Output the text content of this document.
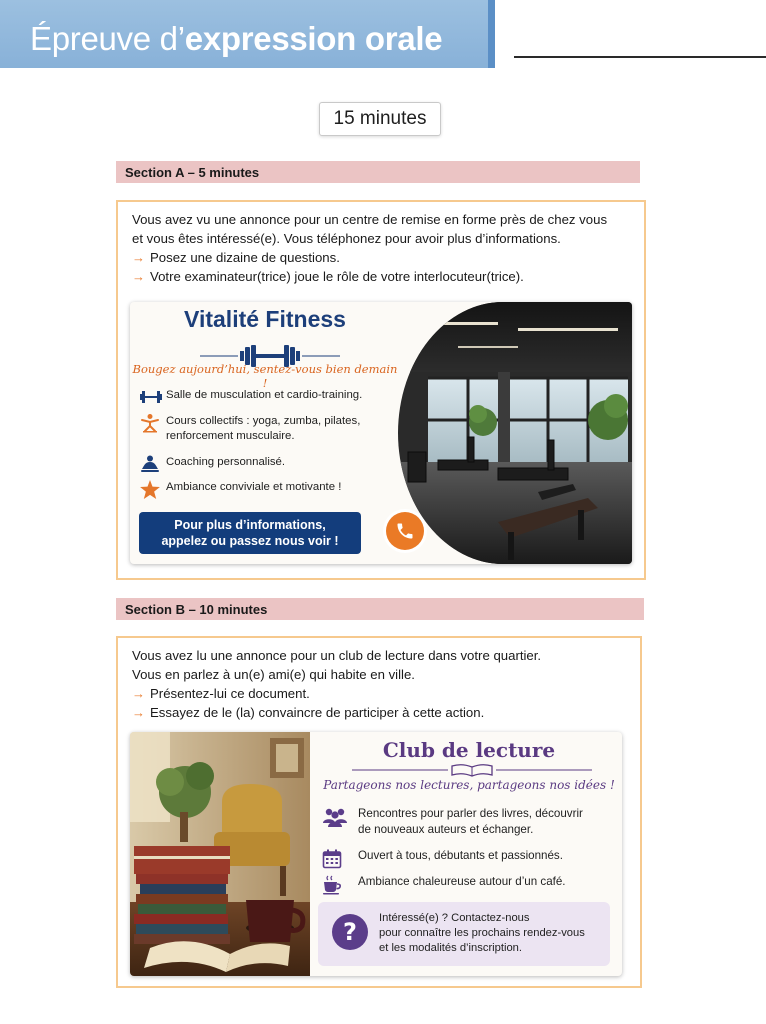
Épreuve d’expression orale
15 minutes
Section A – 5 minutes

Vous avez vu une annonce pour un centre de remise en forme près de chez vous

et vous êtes intéressé(e). Vous téléphonez pour avoir plus d’informations.

→ Posez une dizaine de questions.
→ Votre examinateur(trice) joue le rôle de votre interlocuteur(trice).
Vitalité Fitness
Bougez aujourd’hui, sentez-vous bien demain !
Salle de musculation et cardio-training.
Cours collectifs : yoga, zumba, pilates,
renforcement musculaire.
Coaching personnalisé.
Ambiance conviviale et motivante !
Pour plus d’informations,
appelez ou passez nous voir !
Section B – 10 minutes

Vous avez lu une annonce pour un club de lecture dans votre quartier.

Vous en parlez à un(e) ami(e) qui habite en ville.

→ Présentez-lui ce document.
→ Essayez de le (la) convaincre de participer à cette action.
Club de lecture
Partageons nos lectures, partageons nos idées !
Rencontres pour parler des livres, découvrir
de nouveaux auteurs et échanger.
Ouvert à tous, débutants et passionnés.
Ambiance chaleureuse autour d’un café.
?	Intéressé(e) ? Contactez-nous
pour connaître les prochains rendez-vous
et les modalités d’inscription.
